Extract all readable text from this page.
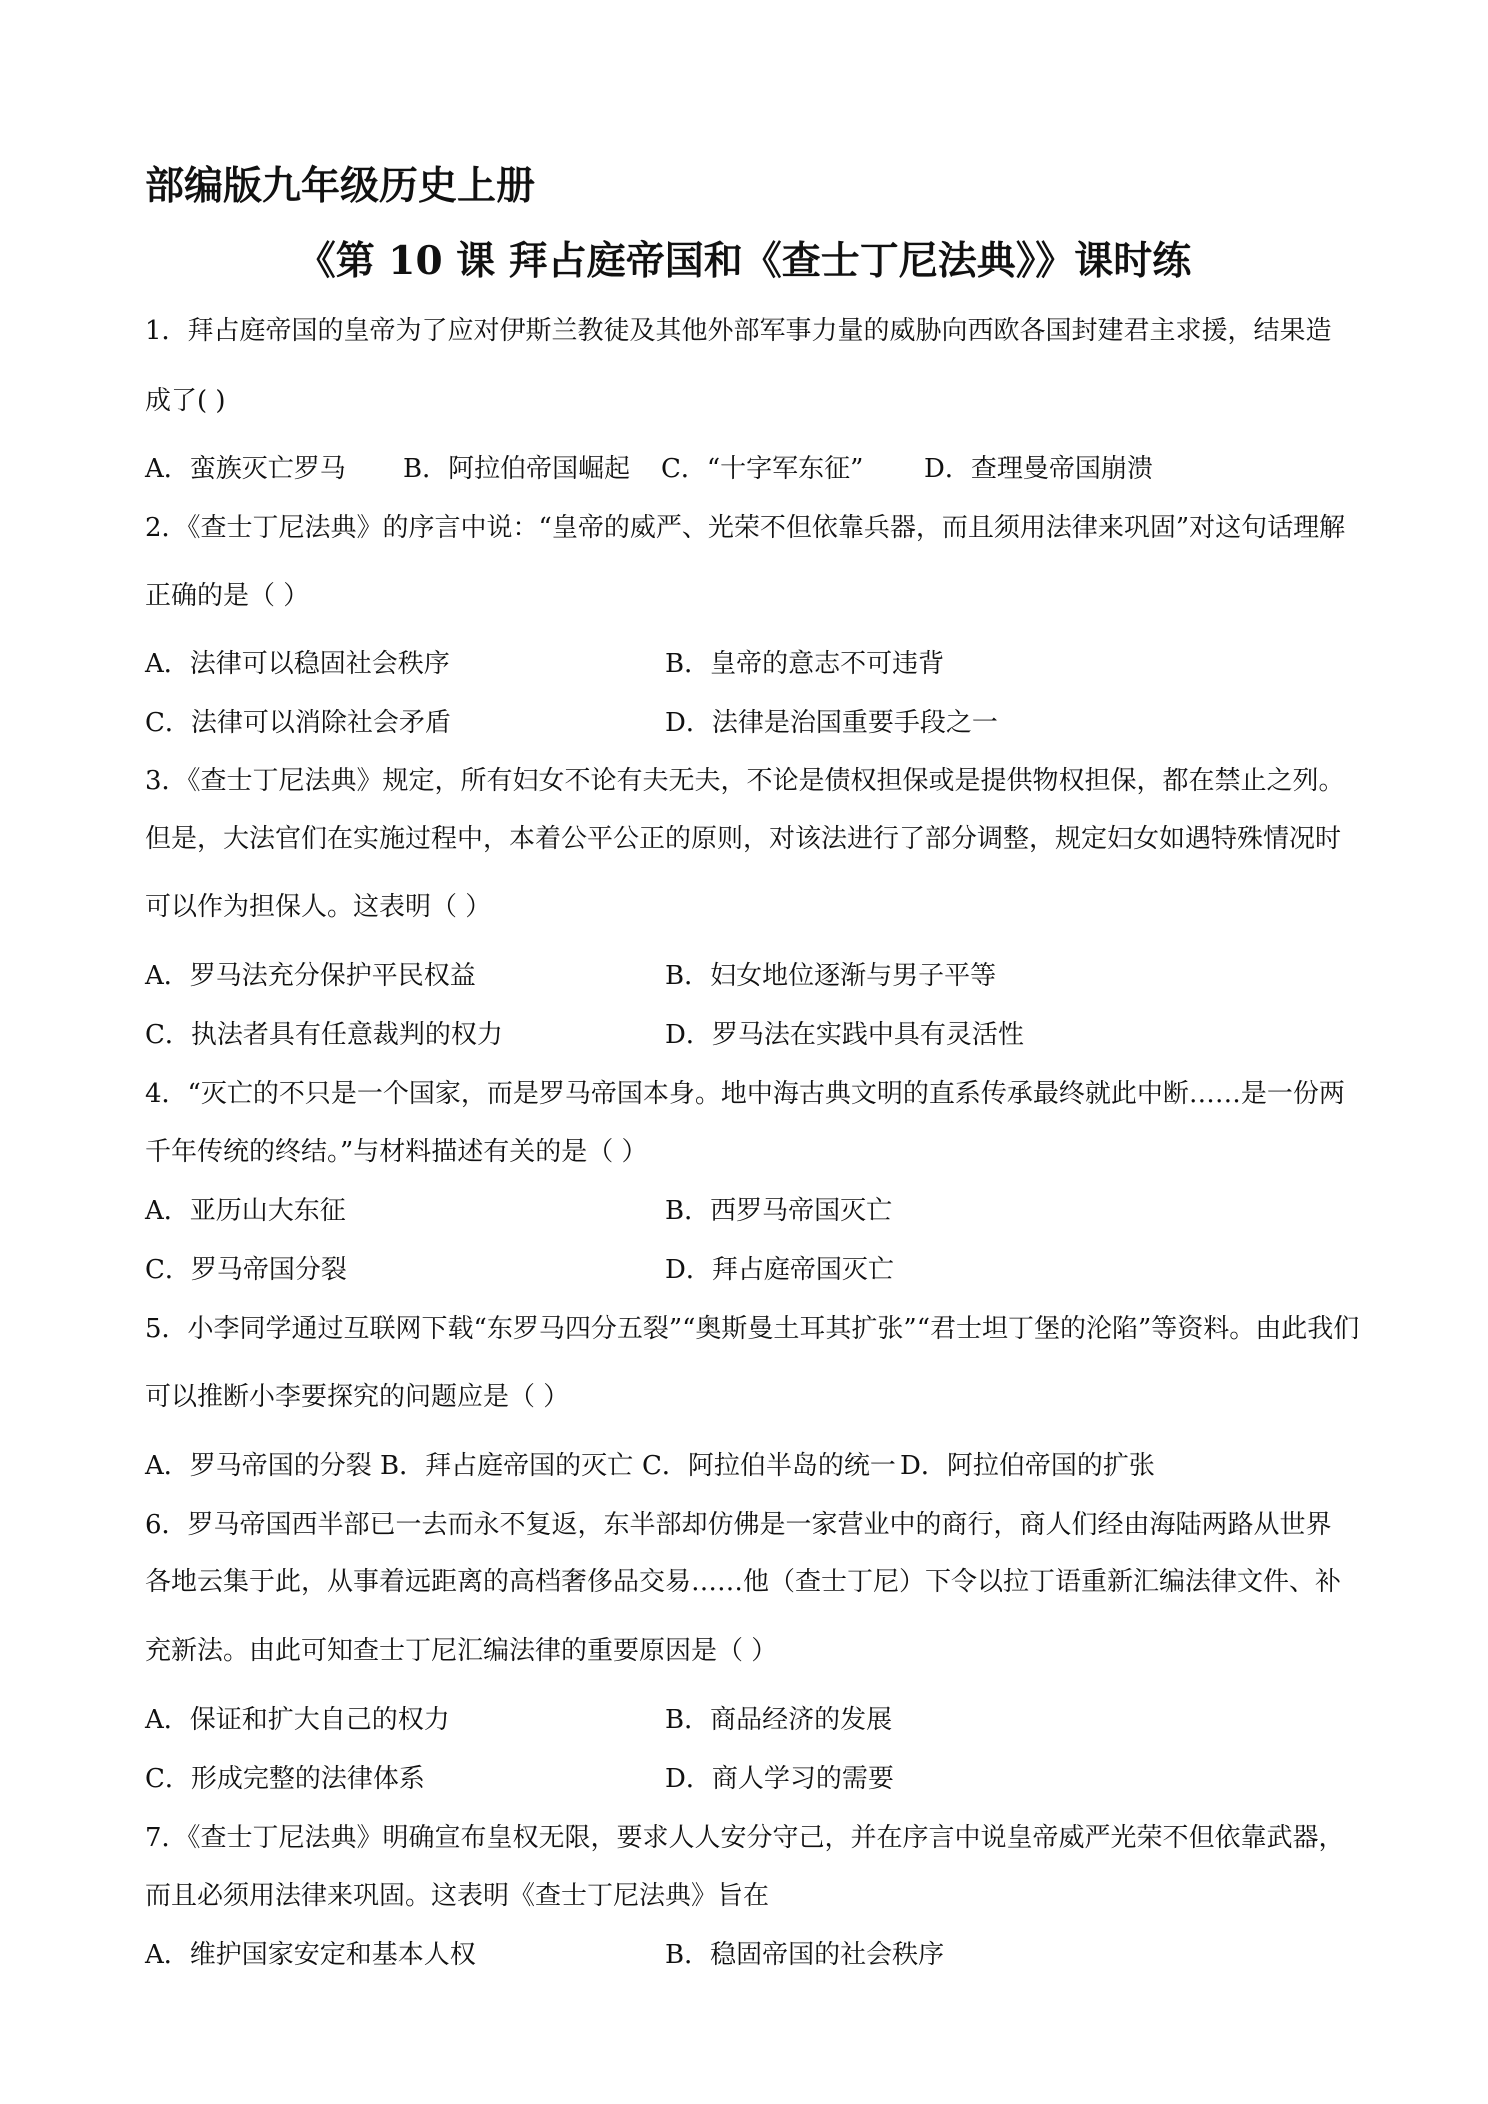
部编版九年级历史上册
《第 10 课 拜占庭帝国和《查士丁尼法典》》课时练
1．拜占庭帝国的皇帝为了应对伊斯兰教徒及其他外部军事力量的威胁向西欧各国封建君主求援，结果造
成了( )
A．蛮族灭亡罗马 B．阿拉伯帝国崛起 C．“十字军东征” D．查理曼帝国崩溃
2．《查士丁尼法典》的序言中说：“皇帝的威严、光荣不但依靠兵器，而且须用法律来巩固”对这句话理解
正确的是（ ）
A．法律可以稳固社会秩序	B．皇帝的意志不可违背
C．法律可以消除社会矛盾	D．法律是治国重要手段之一
3．《查士丁尼法典》规定，所有妇女不论有夫无夫，不论是债权担保或是提供物权担保，都在禁止之列。
但是，大法官们在实施过程中，本着公平公正的原则，对该法进行了部分调整，规定妇女如遇特殊情况时
可以作为担保人。这表明（ ）
A．罗马法充分保护平民权益	B．妇女地位逐渐与男子平等
C．执法者具有任意裁判的权力	D．罗马法在实践中具有灵活性
4．“灭亡的不只是一个国家，而是罗马帝国本身。地中海古典文明的直系传承最终就此中断……是一份两
千年传统的终结。”与材料描述有关的是（ ）
A．亚历山大东征	B．西罗马帝国灭亡
C．罗马帝国分裂	D．拜占庭帝国灭亡
5．小李同学通过互联网下载“东罗马四分五裂”“奥斯曼土耳其扩张”“君士坦丁堡的沦陷”等资料。由此我们
可以推断小李要探究的问题应是（ ）
A．罗马帝国的分裂 B．拜占庭帝国的灭亡 C．阿拉伯半岛的统一 D．阿拉伯帝国的扩张
6．罗马帝国西半部已一去而永不复返，东半部却仿佛是一家营业中的商行，商人们经由海陆两路从世界
各地云集于此，从事着远距离的高档奢侈品交易……他（查士丁尼）下令以拉丁语重新汇编法律文件、补
充新法。由此可知查士丁尼汇编法律的重要原因是（ ）
A．保证和扩大自己的权力	B．商品经济的发展
C．形成完整的法律体系	D．商人学习的需要
7．《查士丁尼法典》明确宣布皇权无限，要求人人安分守己，并在序言中说皇帝威严光荣不但依靠武器，
而且必须用法律来巩固。这表明《查士丁尼法典》旨在
A．维护国家安定和基本人权	B．稳固帝国的社会秩序
